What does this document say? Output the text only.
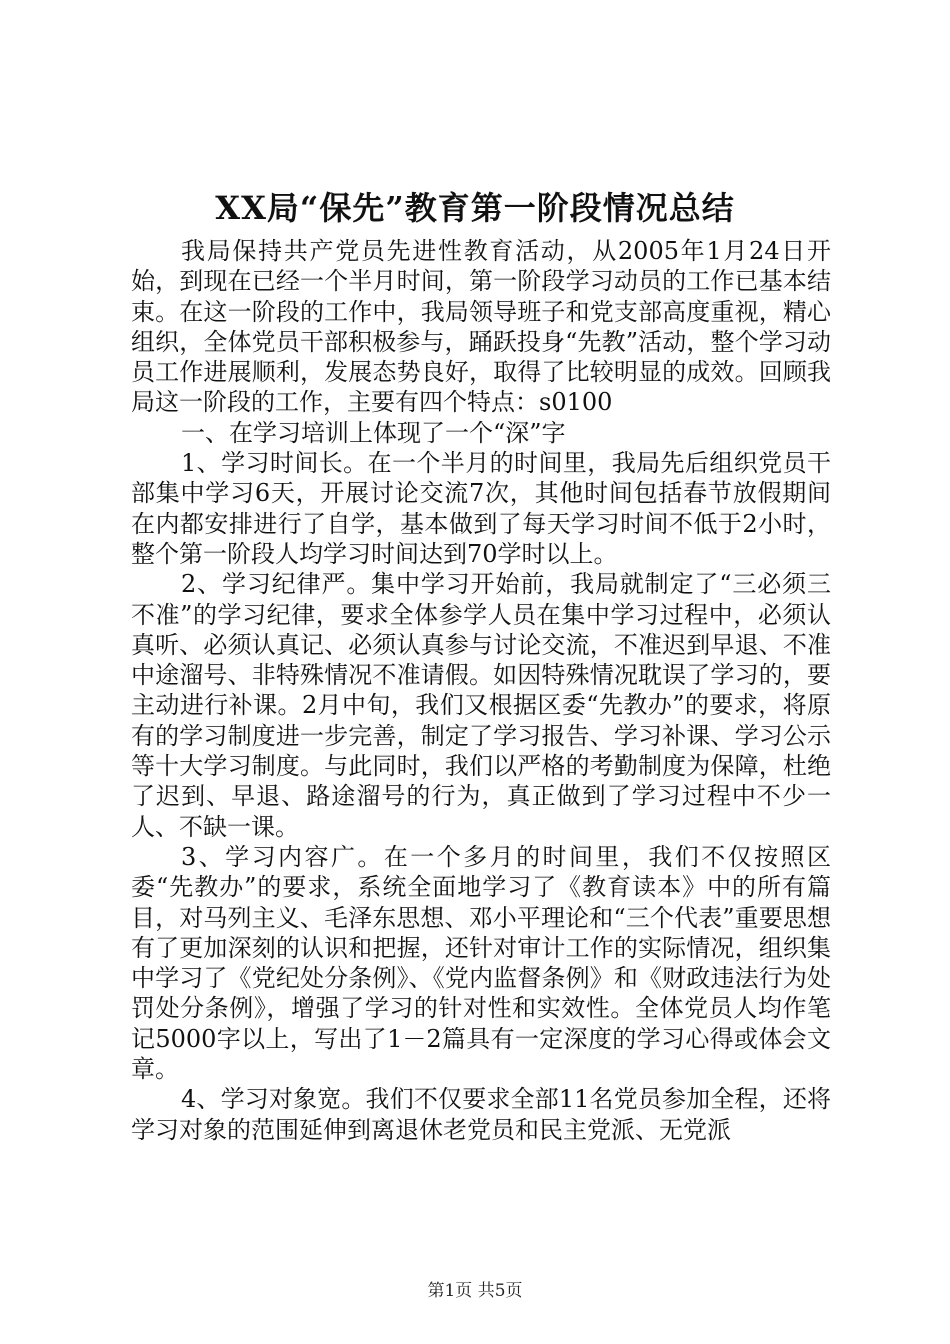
XX局“保先”教育第一阶段情况总结

我局保持共产党员先进性教育活动，从2005年1月24日开始，到现在已经一个半月时间，第一阶段学习动员的工作已基本结束。在这一阶段的工作中，我局领导班子和党支部高度重视，精心组织，全体党员干部积极参与，踊跃投身“先教”活动，整个学习动员工作进展顺利，发展态势良好，取得了比较明显的成效。回顾我局这一阶段的工作，主要有四个特点：s0100

一、在学习培训上体现了一个“深”字

1、学习时间长。在一个半月的时间里，我局先后组织党员干部集中学习6天，开展讨论交流7次，其他时间包括春节放假期间在内都安排进行了自学，基本做到了每天学习时间不低于2小时，整个第一阶段人均学习时间达到70学时以上。

2、学习纪律严。集中学习开始前，我局就制定了“三必须三不准”的学习纪律，要求全体参学人员在集中学习过程中，必须认真听、必须认真记、必须认真参与讨论交流，不准迟到早退、不准中途溜号、非特殊情况不准请假。如因特殊情况耽误了学习的，要主动进行补课。2月中旬，我们又根据区委“先教办”的要求，将原有的学习制度进一步完善，制定了学习报告、学习补课、学习公示等十大学习制度。与此同时，我们以严格的考勤制度为保障，杜绝了迟到、早退、路途溜号的行为，真正做到了学习过程中不少一人、不缺一课。

3、学习内容广。在一个多月的时间里，我们不仅按照区委“先教办”的要求，系统全面地学习了《教育读本》中的所有篇目，对马列主义、毛泽东思想、邓小平理论和“三个代表”重要思想有了更加深刻的认识和把握，还针对审计工作的实际情况，组织集中学习了《党纪处分条例》、《党内监督条例》和《财政违法行为处罚处分条例》，增强了学习的针对性和实效性。全体党员人均作笔记5000字以上，写出了1－2篇具有一定深度的学习心得或体会文章。

4、学习对象宽。我们不仅要求全部11名党员参加全程，还将学习对象的范围延伸到离退休老党员和民主党派、无党派

第1页 共5页
